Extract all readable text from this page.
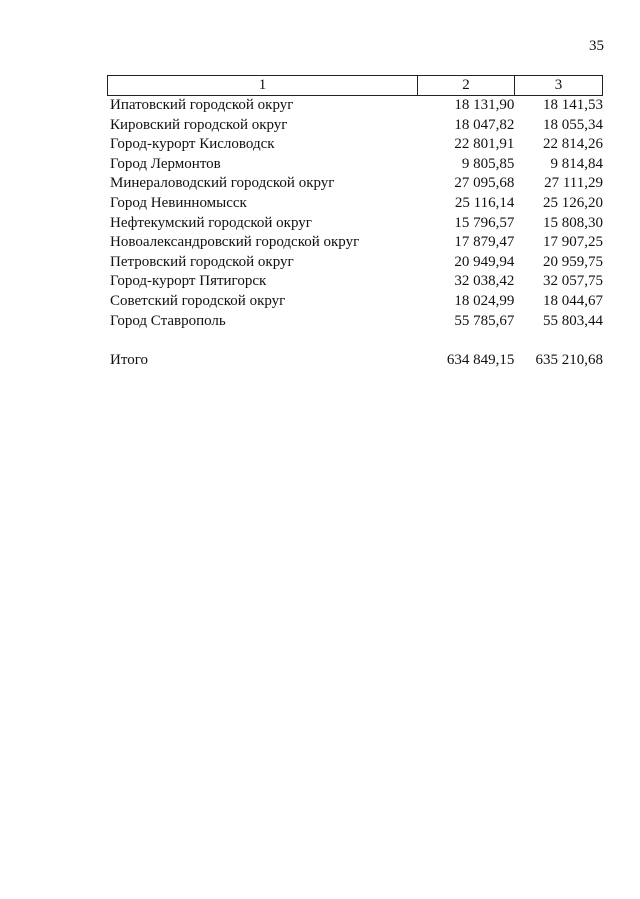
35
1	2	3
Ипатовский городской округ	18 131,90	18 141,53
Кировский городской округ	18 047,82	18 055,34
Город-курорт Кисловодск	22 801,91	22 814,26
Город Лермонтов	9 805,85	9 814,84
Минераловодский городской округ	27 095,68	27 111,29
Город Невинномысск	25 116,14	25 126,20
Нефтекумский городской округ	15 796,57	15 808,30
Новоалександровский городской округ	17 879,47	17 907,25
Петровский городской округ	20 949,94	20 959,75
Город-курорт Пятигорск	32 038,42	32 057,75
Советский городской округ	18 024,99	18 044,67
Город Ставрополь	55 785,67	55 803,44
Итого	634 849,15	635 210,68
